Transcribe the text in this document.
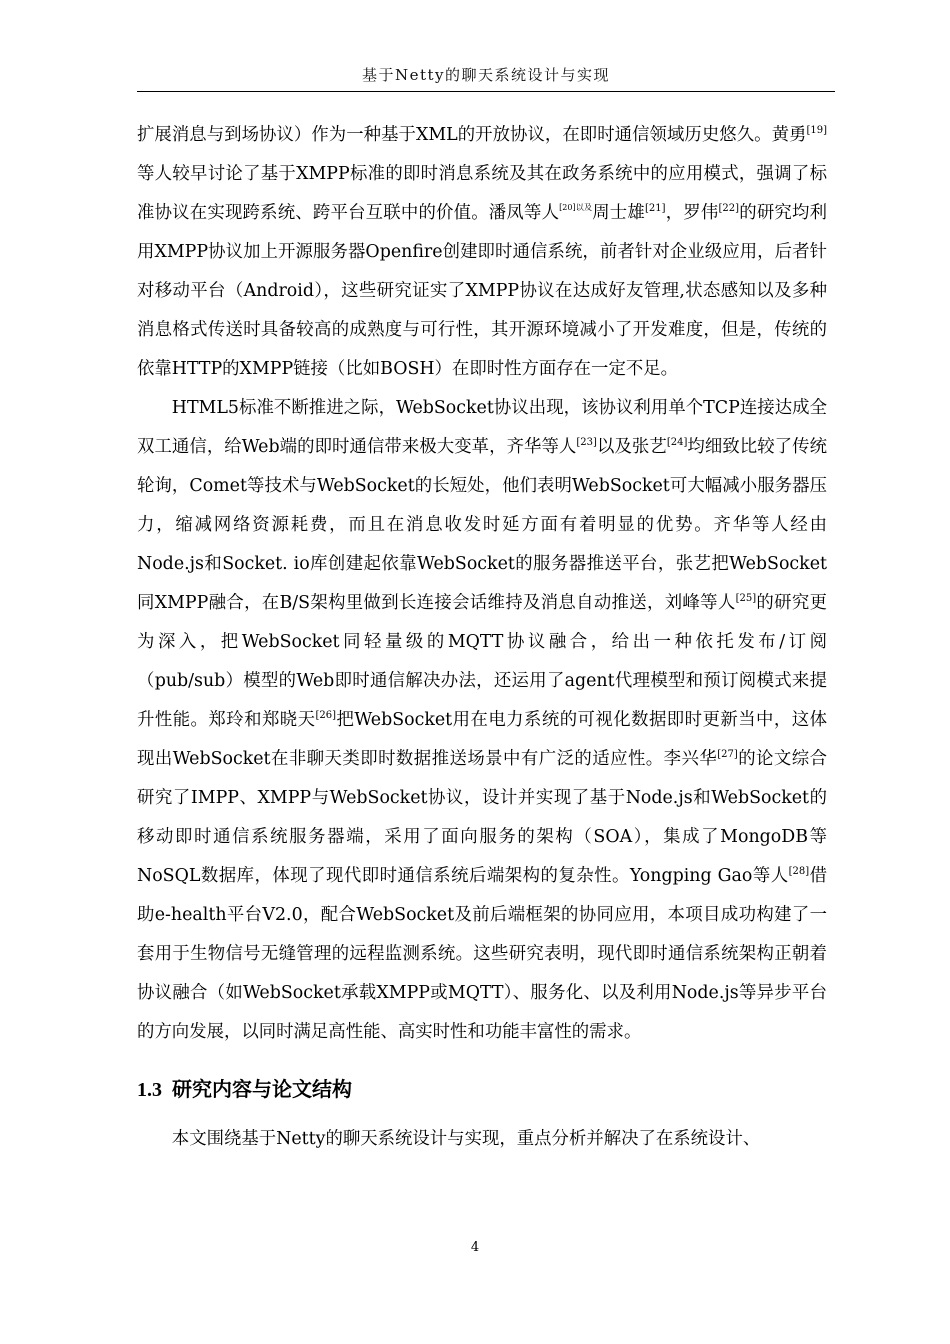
基于Netty的聊天系统设计与实现

扩展消息与到场协议）作为一种基于XML的开放协议，在即时通信领域历史悠久。黄勇[19]等人较早讨论了基于XMPP标准的即时消息系统及其在政务系统中的应用模式，强调了标准协议在实现跨系统、跨平台互联中的价值。潘凤等人$^{[20]以及}$周士雄[21]，罗伟[22]的研究均利用XMPP协议加上开源服务器Openfire创建即时通信系统，前者针对企业级应用，后者针对移动平台（Android），这些研究证实了XMPP协议在达成好友管理,状态感知以及多种消息格式传送时具备较高的成熟度与可行性，其开源环境减小了开发难度，但是，传统的依靠HTTP的XMPP链接（比如BOSH）在即时性方面存在一定不足。

HTML5标准不断推进之际，WebSocket协议出现，该协议利用单个TCP连接达成全双工通信，给Web端的即时通信带来极大变革，齐华等人[23]以及张艺[24]均细致比较了传统轮询，Comet等技术与WebSocket的长短处，他们表明WebSocket可大幅减小服务器压力，缩减网络资源耗费，而且在消息收发时延方面有着明显的优势。齐华等人经由Node.js和Socket. io库创建起依靠WebSocket的服务器推送平台，张艺把WebSocket同XMPP融合，在B/S架构里做到长连接会话维持及消息自动推送，刘峰等人[25]的研究更为深入，把WebSocket同轻量级的MQTT协议融合，给出一种依托发布/订阅（pub/sub）模型的Web即时通信解决办法，还运用了agent代理模型和预订阅模式来提升性能。郑玲和郑晓天[26]把WebSocket用在电力系统的可视化数据即时更新当中，这体现出WebSocket在非聊天类即时数据推送场景中有广泛的适应性。李兴华[27]的论文综合研究了IMPP、XMPP与WebSocket协议，设计并实现了基于Node.js和WebSocket的移动即时通信系统服务器端，采用了面向服务的架构（SOA），集成了MongoDB等NoSQL数据库，体现了现代即时通信系统后端架构的复杂性。Yongping Gao等人[28]借助e-health平台V2.0，配合WebSocket及前后端框架的协同应用，本项目成功构建了一套用于生物信号无缝管理的远程监测系统。这些研究表明，现代即时通信系统架构正朝着协议融合（如WebSocket承载XMPP或MQTT）、服务化、以及利用Node.js等异步平台的方向发展，以同时满足高性能、高实时性和功能丰富性的需求。

1.3 研究内容与论文结构

本文围绕基于Netty的聊天系统设计与实现，重点分析并解决了在系统设计、

4
